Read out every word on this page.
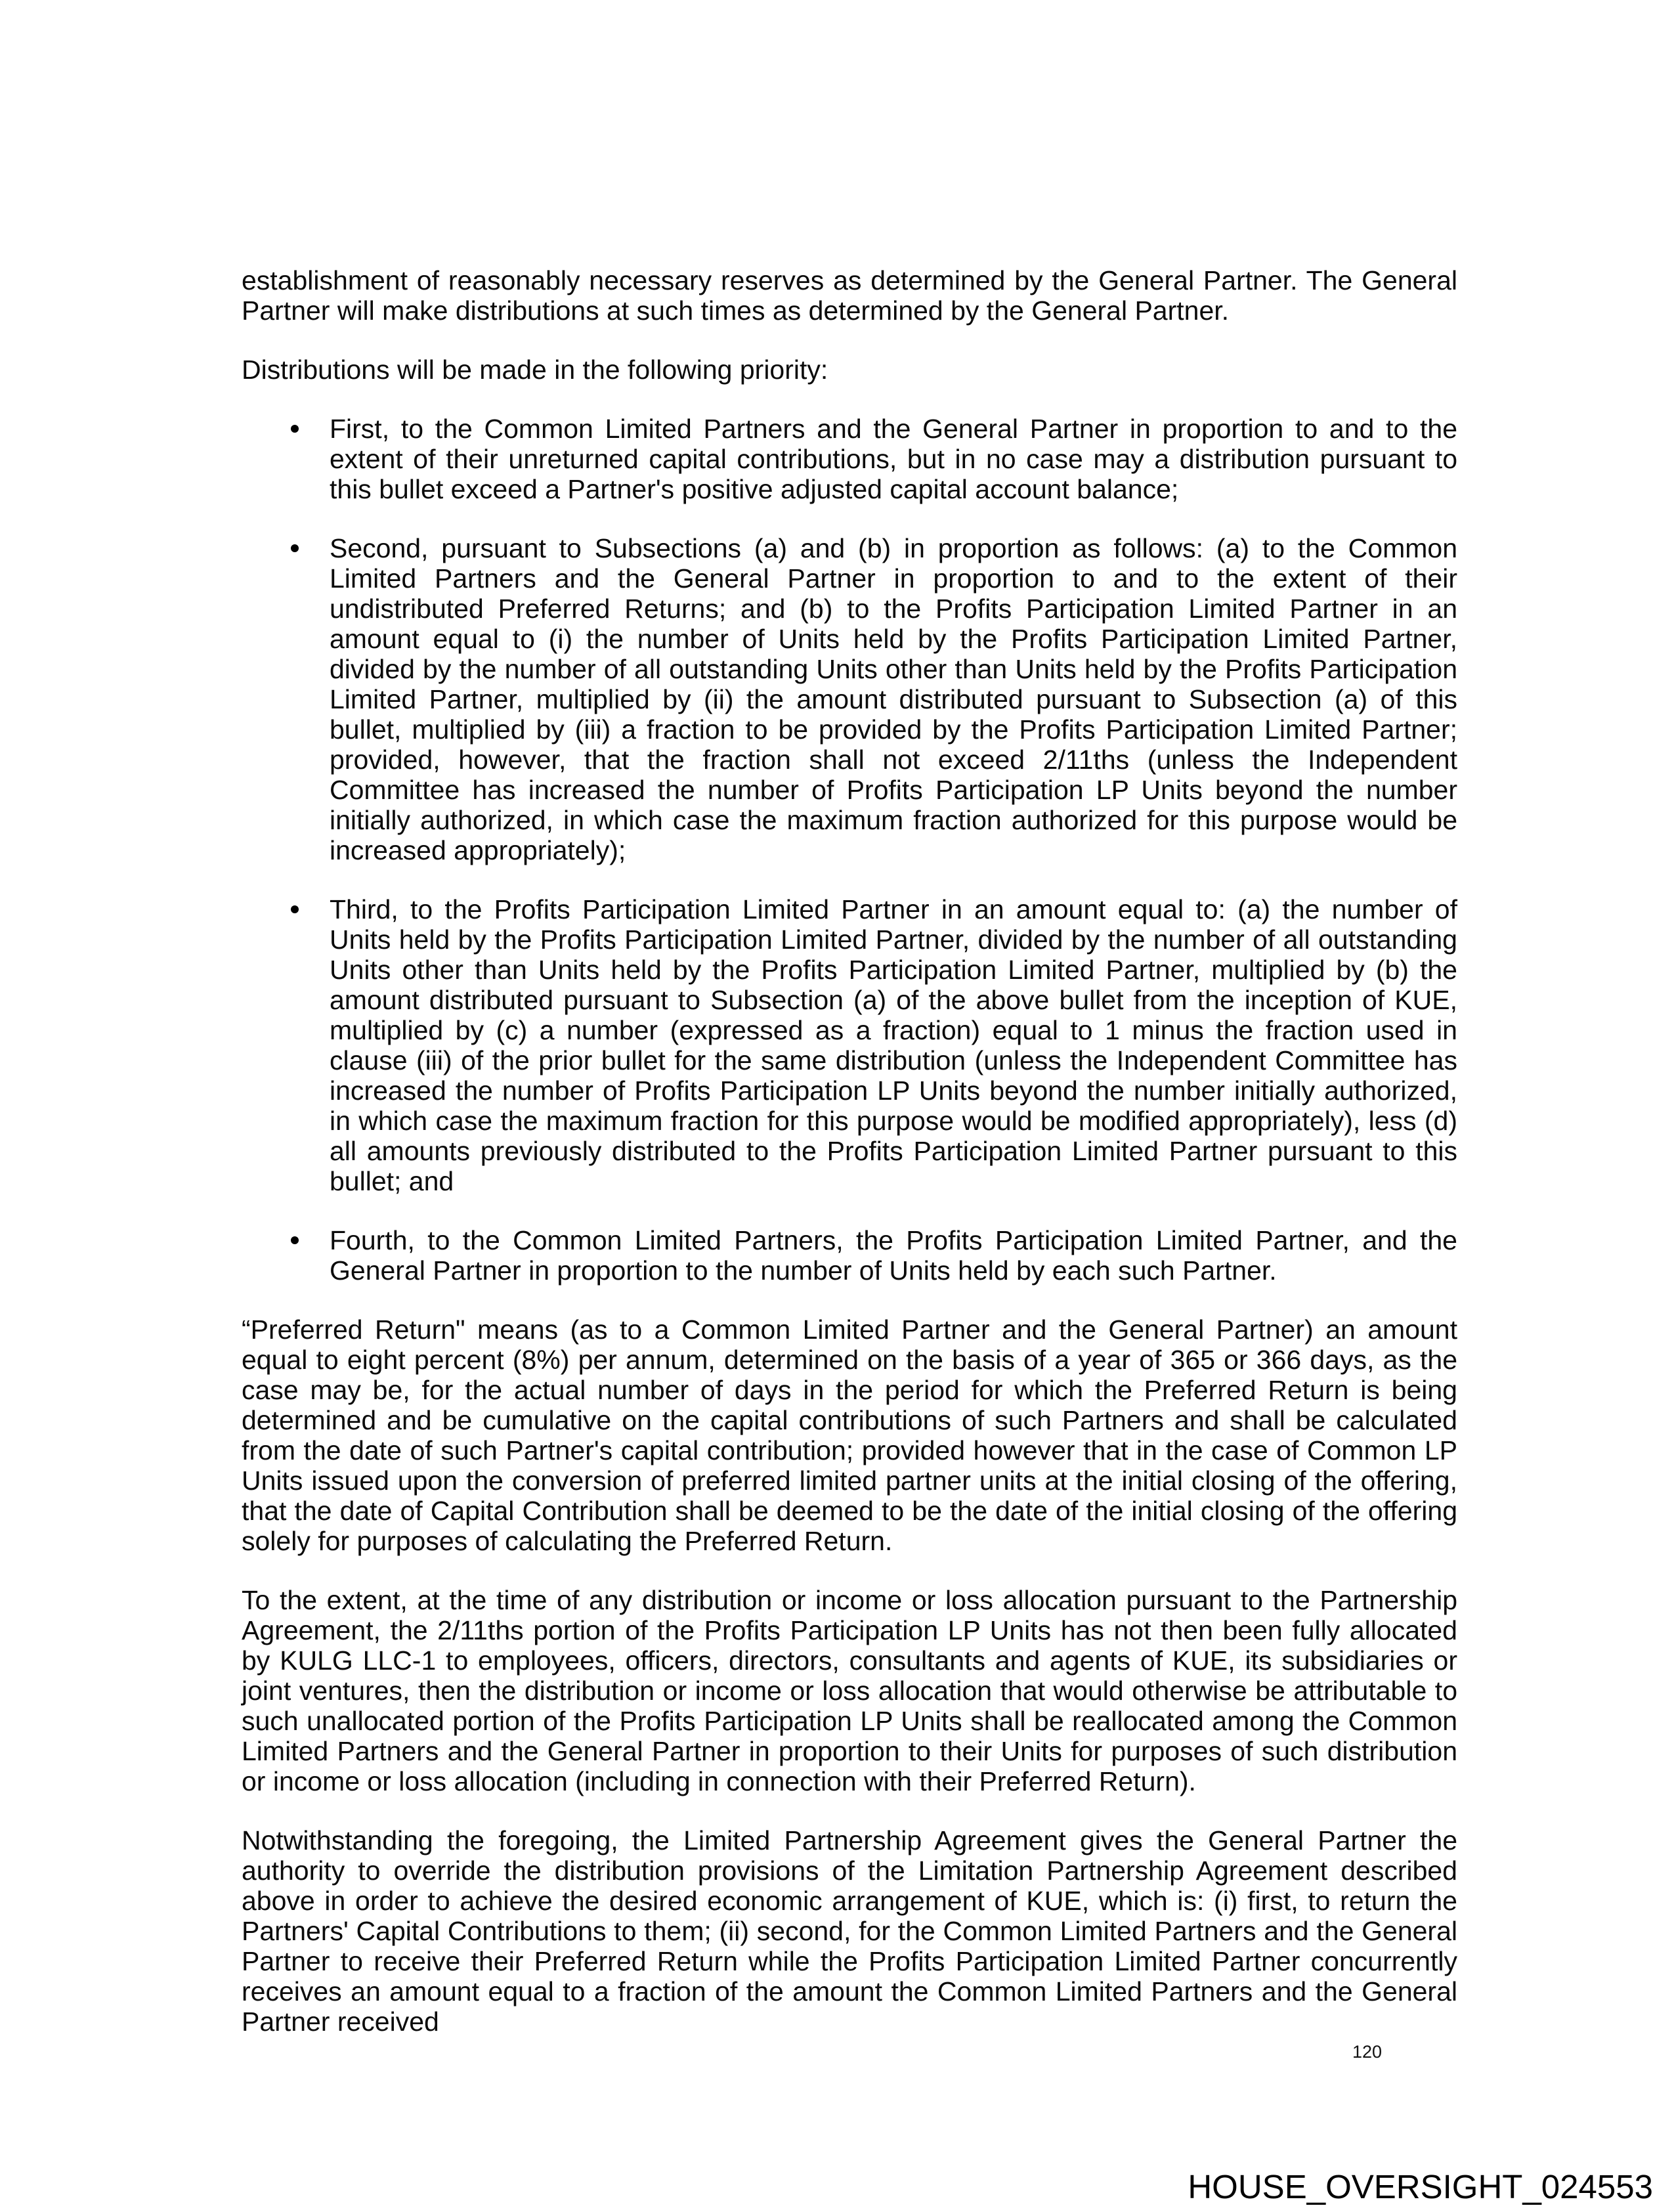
establishment of reasonably necessary reserves as determined by the General Partner. The General Partner will make distributions at such times as determined by the General Partner.

Distributions will be made in the following priority:

First, to the Common Limited Partners and the General Partner in proportion to and to the extent of their unreturned capital contributions, but in no case may a distribution pursuant to this bullet exceed a Partner's positive adjusted capital account balance;
Second, pursuant to Subsections (a) and (b) in proportion as follows: (a) to the Common Limited Partners and the General Partner in proportion to and to the extent of their undistributed Preferred Returns; and (b) to the Profits Participation Limited Partner in an amount equal to (i) the number of Units held by the Profits Participation Limited Partner, divided by the number of all outstanding Units other than Units held by the Profits Participation Limited Partner, multiplied by (ii) the amount distributed pursuant to Subsection (a) of this bullet, multiplied by (iii) a fraction to be provided by the Profits Participation Limited Partner; provided, however, that the fraction shall not exceed 2/11ths (unless the Independent Committee has increased the number of Profits Participation LP Units beyond the number initially authorized, in which case the maximum fraction authorized for this purpose would be increased appropriately);
Third, to the Profits Participation Limited Partner in an amount equal to: (a) the number of Units held by the Profits Participation Limited Partner, divided by the number of all outstanding Units other than Units held by the Profits Participation Limited Partner, multiplied by (b) the amount distributed pursuant to Subsection (a) of the above bullet from the inception of KUE, multiplied by (c) a number (expressed as a fraction) equal to 1 minus the fraction used in clause (iii) of the prior bullet for the same distribution (unless the Independent Committee has increased the number of Profits Participation LP Units beyond the number initially authorized, in which case the maximum fraction for this purpose would be modified appropriately), less (d) all amounts previously distributed to the Profits Participation Limited Partner pursuant to this bullet; and
Fourth, to the Common Limited Partners, the Profits Participation Limited Partner, and the General Partner in proportion to the number of Units held by each such Partner.

“Preferred Return" means (as to a Common Limited Partner and the General Partner) an amount equal to eight percent (8%) per annum, determined on the basis of a year of 365 or 366 days, as the case may be, for the actual number of days in the period for which the Preferred Return is being determined and be cumulative on the capital contributions of such Partners and shall be calculated from the date of such Partner's capital contribution; provided however that in the case of Common LP Units issued upon the conversion of preferred limited partner units at the initial closing of the offering, that the date of Capital Contribution shall be deemed to be the date of the initial closing of the offering solely for purposes of calculating the Preferred Return.

To the extent, at the time of any distribution or income or loss allocation pursuant to the Partnership Agreement, the 2/11ths portion of the Profits Participation LP Units has not then been fully allocated by KULG LLC-1 to employees, officers, directors, consultants and agents of KUE, its subsidiaries or joint ventures, then the distribution or income or loss allocation that would otherwise be attributable to such unallocated portion of the Profits Participation LP Units shall be reallocated among the Common Limited Partners and the General Partner in proportion to their Units for purposes of such distribution or income or loss allocation (including in connection with their Preferred Return).

Notwithstanding the foregoing, the Limited Partnership Agreement gives the General Partner the authority to override the distribution provisions of the Limitation Partnership Agreement described above in order to achieve the desired economic arrangement of KUE, which is: (i) first, to return the Partners' Capital Contributions to them; (ii) second, for the Common Limited Partners and the General Partner to receive their Preferred Return while the Profits Participation Limited Partner concurrently receives an amount equal to a fraction of the amount the Common Limited Partners and the General Partner received

120
HOUSE_OVERSIGHT_024553
